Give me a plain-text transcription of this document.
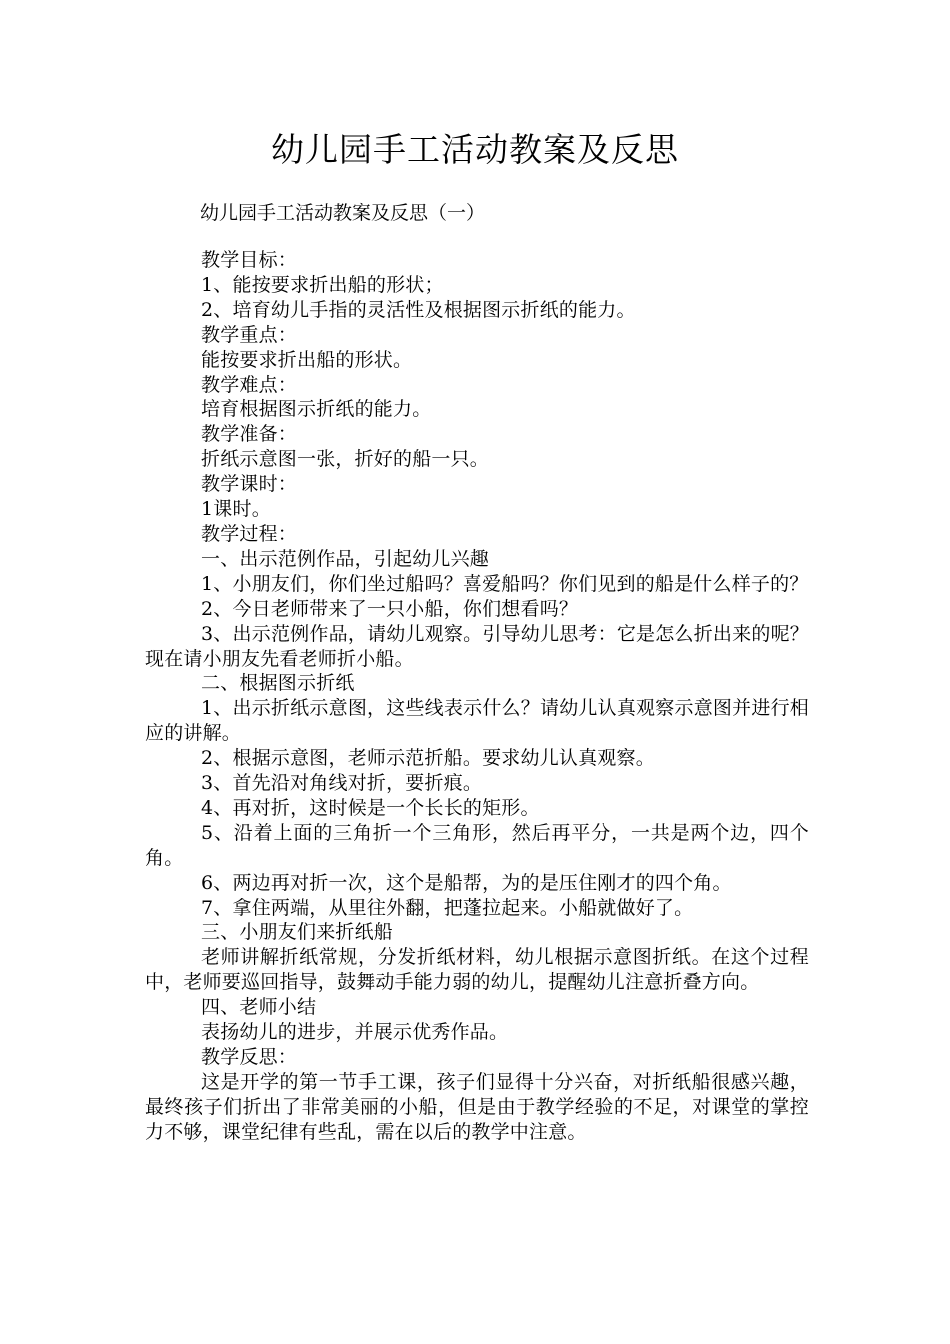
幼儿园手工活动教案及反思
幼儿园手工活动教案及反思（一）
教学目标：
1、能按要求折出船的形状；
2、培育幼儿手指的灵活性及根据图示折纸的能力。
教学重点：
能按要求折出船的形状。
教学难点：
培育根据图示折纸的能力。
教学准备：
折纸示意图一张，折好的船一只。
教学课时：
1课时。
教学过程：
一、出示范例作品，引起幼儿兴趣
1、小朋友们，你们坐过船吗？喜爱船吗？你们见到的船是什么样子的？
2、今日老师带来了一只小船，你们想看吗？
3、出示范例作品，请幼儿观察。引导幼儿思考：它是怎么折出来的呢？现在请小朋友先看老师折小船。
二、根据图示折纸
1、出示折纸示意图，这些线表示什么？请幼儿认真观察示意图并进行相应的讲解。
2、根据示意图，老师示范折船。要求幼儿认真观察。
3、首先沿对角线对折，要折痕。
4、再对折，这时候是一个长长的矩形。
5、沿着上面的三角折一个三角形，然后再平分，一共是两个边，四个角。
6、两边再对折一次，这个是船帮，为的是压住刚才的四个角。
7、拿住两端，从里往外翻，把蓬拉起来。小船就做好了。
三、小朋友们来折纸船
老师讲解折纸常规，分发折纸材料，幼儿根据示意图折纸。在这个过程中，老师要巡回指导，鼓舞动手能力弱的幼儿，提醒幼儿注意折叠方向。
四、老师小结
表扬幼儿的进步，并展示优秀作品。
教学反思：
这是开学的第一节手工课，孩子们显得十分兴奋，对折纸船很感兴趣，最终孩子们折出了非常美丽的小船，但是由于教学经验的不足，对课堂的掌控力不够，课堂纪律有些乱，需在以后的教学中注意。
